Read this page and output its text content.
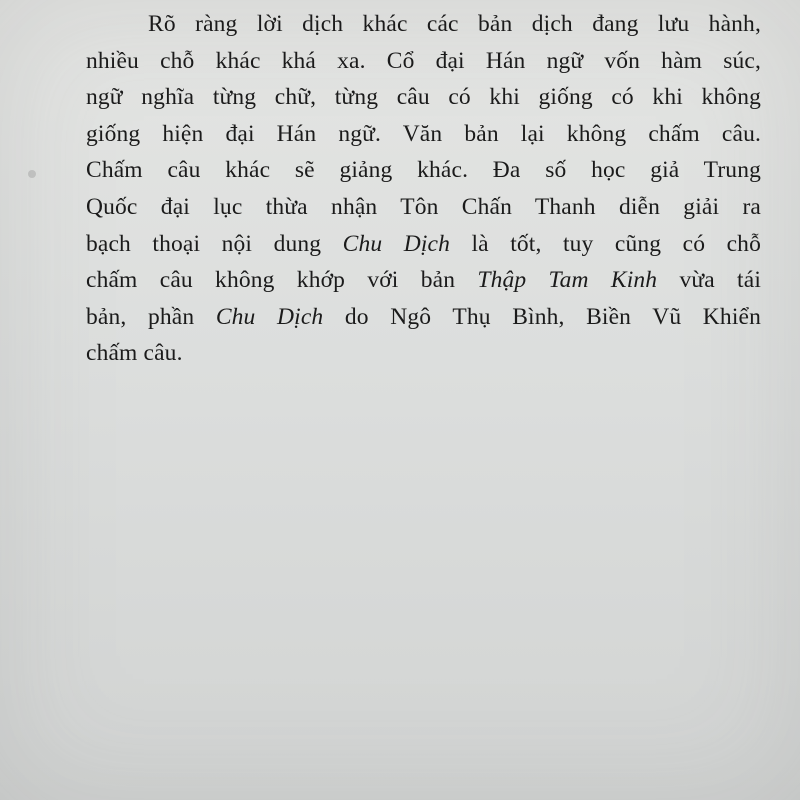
Rõ ràng lời dịch khác các bản dịch đang lưu hành,
nhiều chỗ khác khá xa. Cổ đại Hán ngữ vốn hàm súc,
ngữ nghĩa từng chữ, từng câu có khi giống có khi không
giống hiện đại Hán ngữ. Văn bản lại không chấm câu.
Chấm câu khác sẽ giảng khác. Đa số học giả Trung
Quốc đại lục thừa nhận Tôn Chấn Thanh diễn giải ra
bạch thoại nội dung Chu Dịch là tốt, tuy cũng có chỗ
chấm câu không khớp với bản Thập Tam Kinh vừa tái
bản, phần Chu Dịch do Ngô Thụ Bình, Biền Vũ Khiển
chấm câu.
